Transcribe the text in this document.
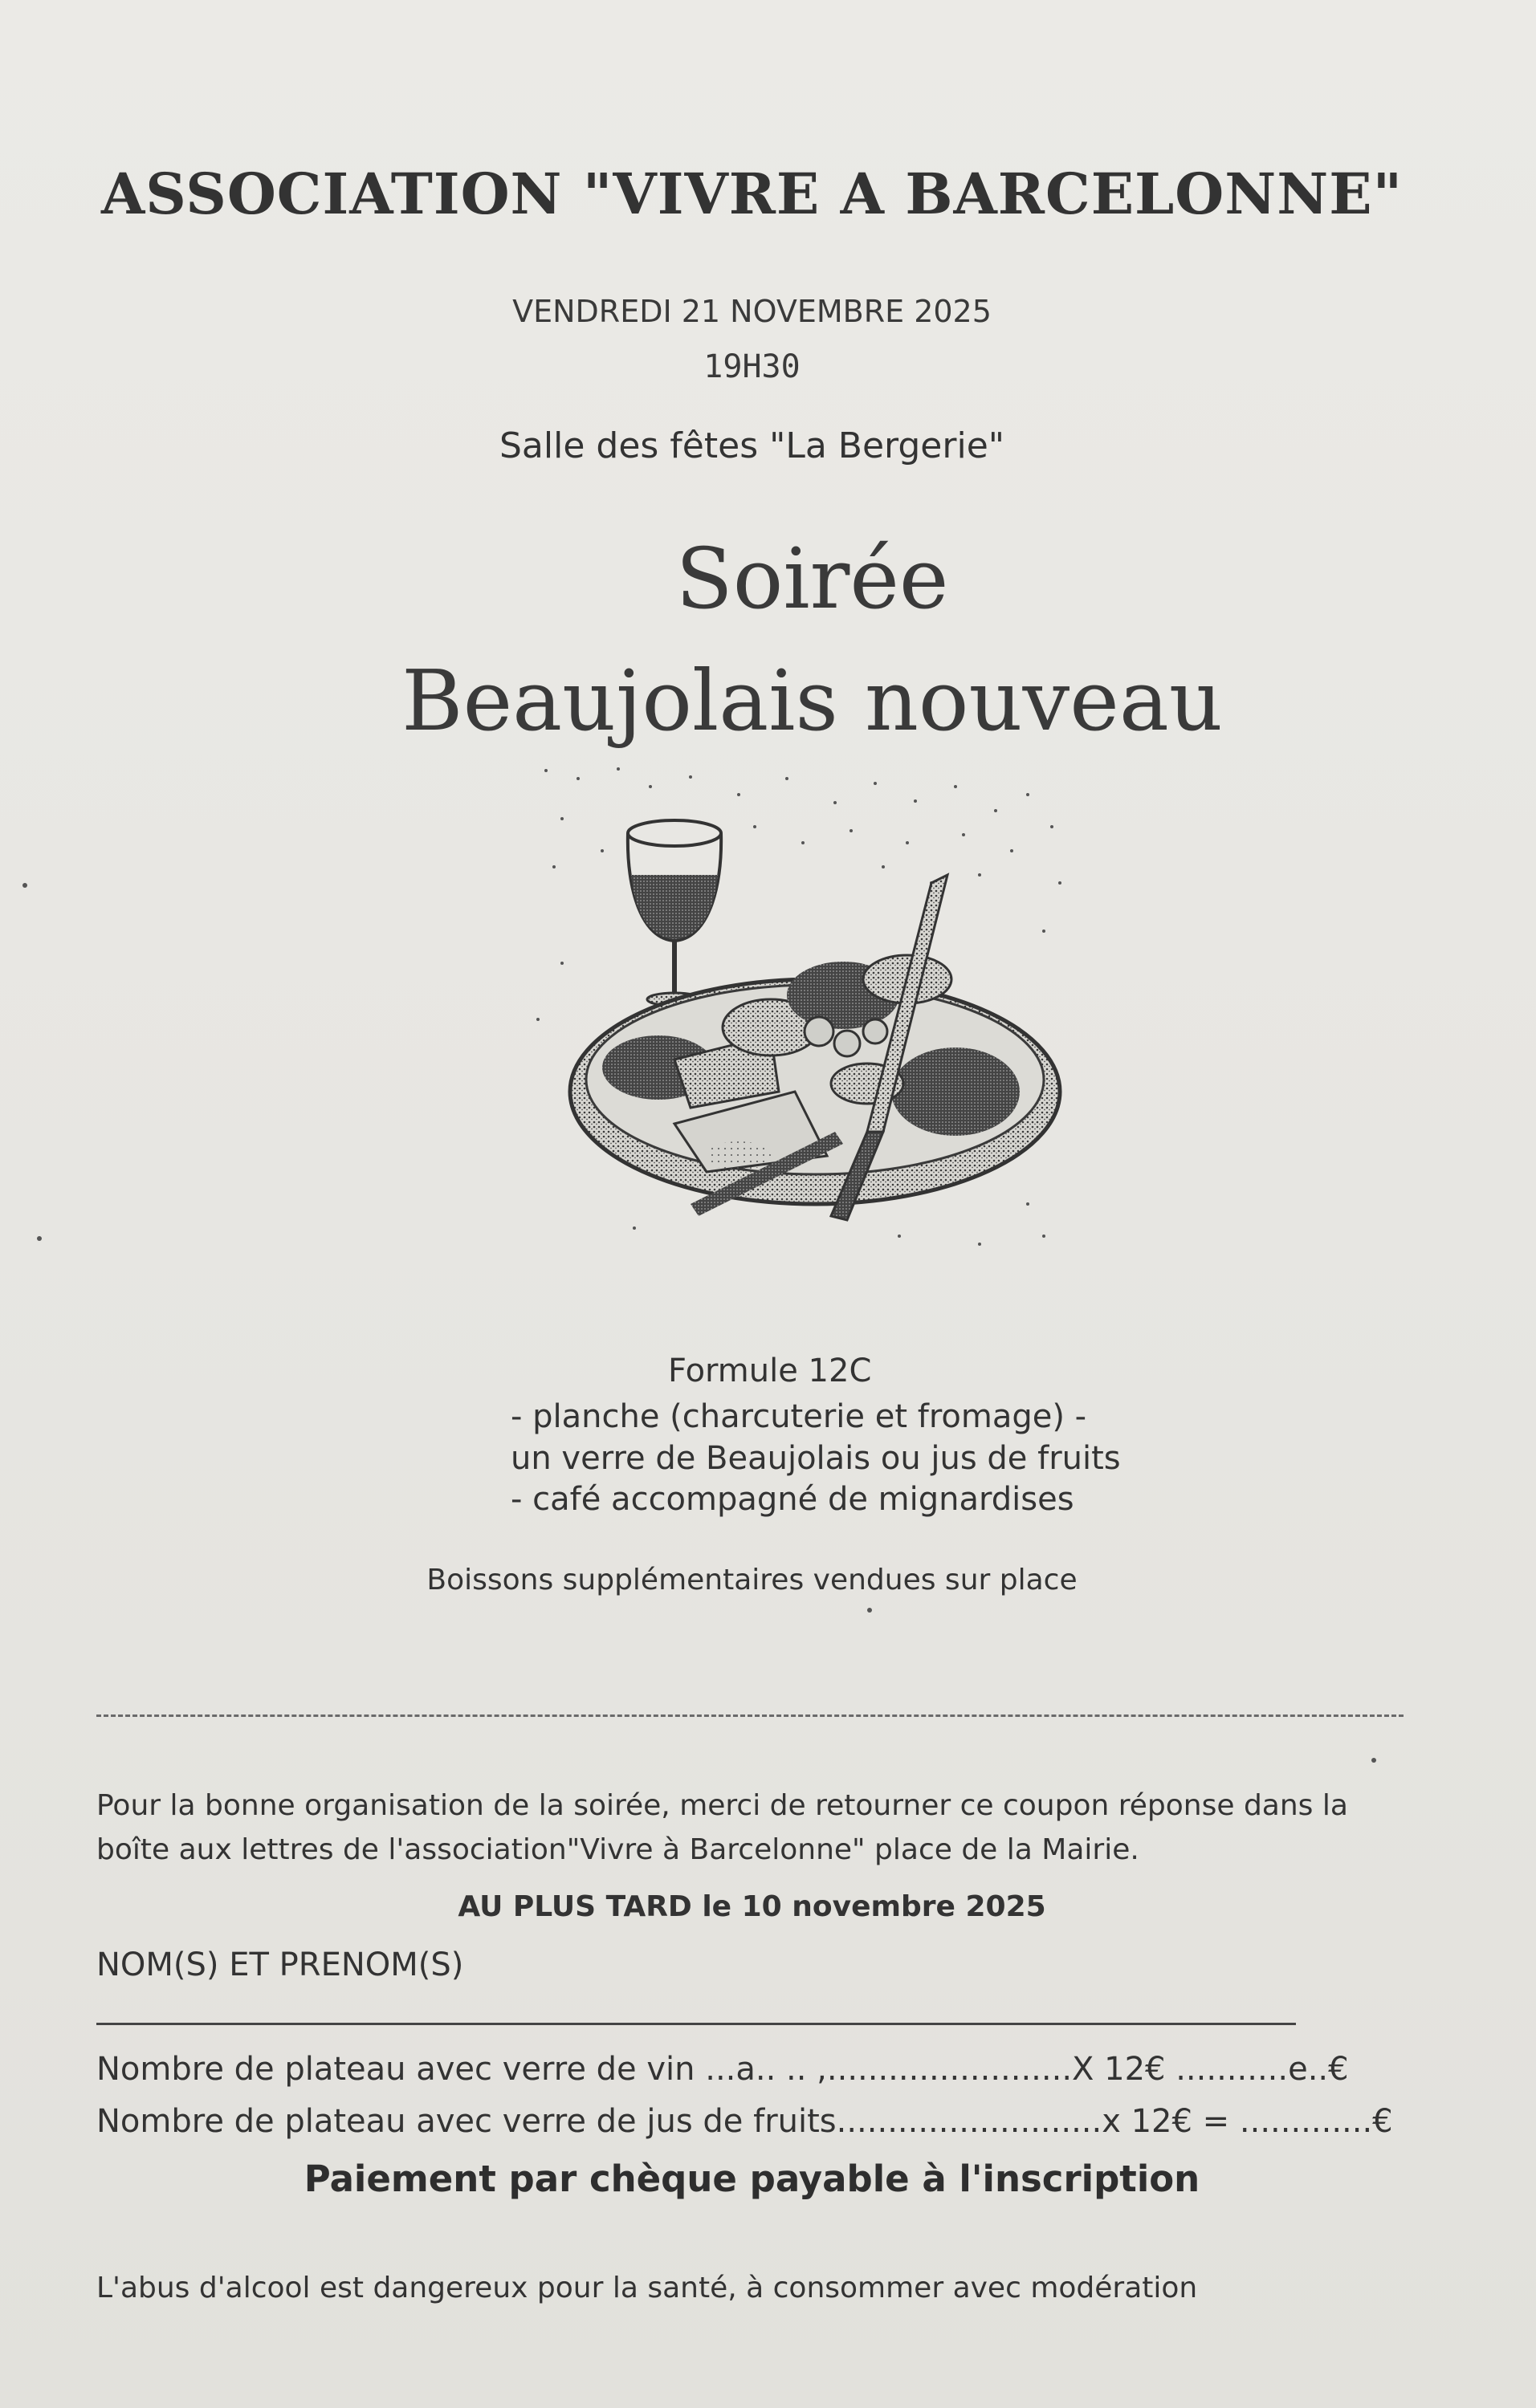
ASSOCIATION "VIVRE A BARCELONNE"
VENDREDI 21 NOVEMBRE 2025
19H30
Salle des fêtes "La Bergerie"
Soirée
Beaujolais nouveau
Formule 12C
- planche (charcuterie et fromage) -
un verre de Beaujolais ou jus de fruits
- café accompagné de mignardises
Boissons supplémentaires vendues sur place

Pour la bonne organisation de la soirée, merci de retourner ce coupon réponse dans la boîte aux lettres de l'association"Vivre à Barcelonne" place de la Mairie.

AU PLUS TARD le 10 novembre 2025
NOM(S) ET PRENOM(S)
Nombre de plateau avec verre de vin ...a.. .. ,........................X 12€ ...........e..€
Nombre de plateau avec verre de jus de fruits..........................x 12€ = .............€
Paiement par chèque payable à l'inscription
L'abus d'alcool est dangereux pour la santé, à consommer avec modération
